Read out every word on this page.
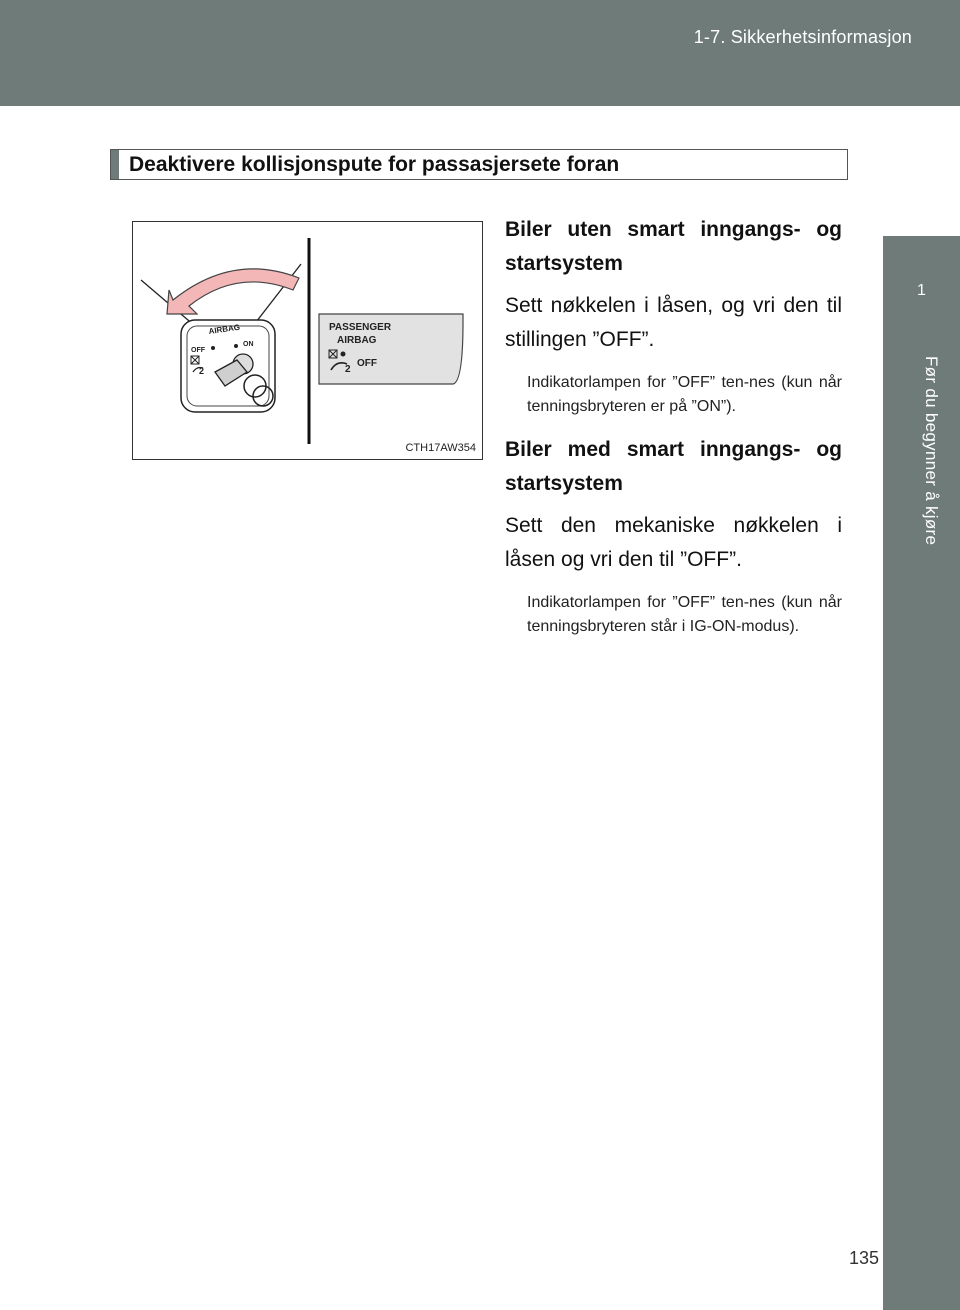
1-7. Sikkerhetsinformasjon
1
Før du begynner å kjøre
Deaktivere kollisjonspute for passasjersete foran
AIRBAG
OFF
ON
2
PASSENGER
AIRBAG
2
OFF
CTH17AW354

Biler uten smart inngangs- og startsystem

Sett nøkkelen i låsen, og vri den til stillingen ”OFF”.

Indikatorlampen for ”OFF” ten-nes (kun når tenningsbryteren er på ”ON”).

Biler med smart inngangs- og startsystem

Sett den mekaniske nøkkelen i låsen og vri den til ”OFF”.

Indikatorlampen for ”OFF” ten-nes (kun når tenningsbryteren står i IG-ON-modus).

135
